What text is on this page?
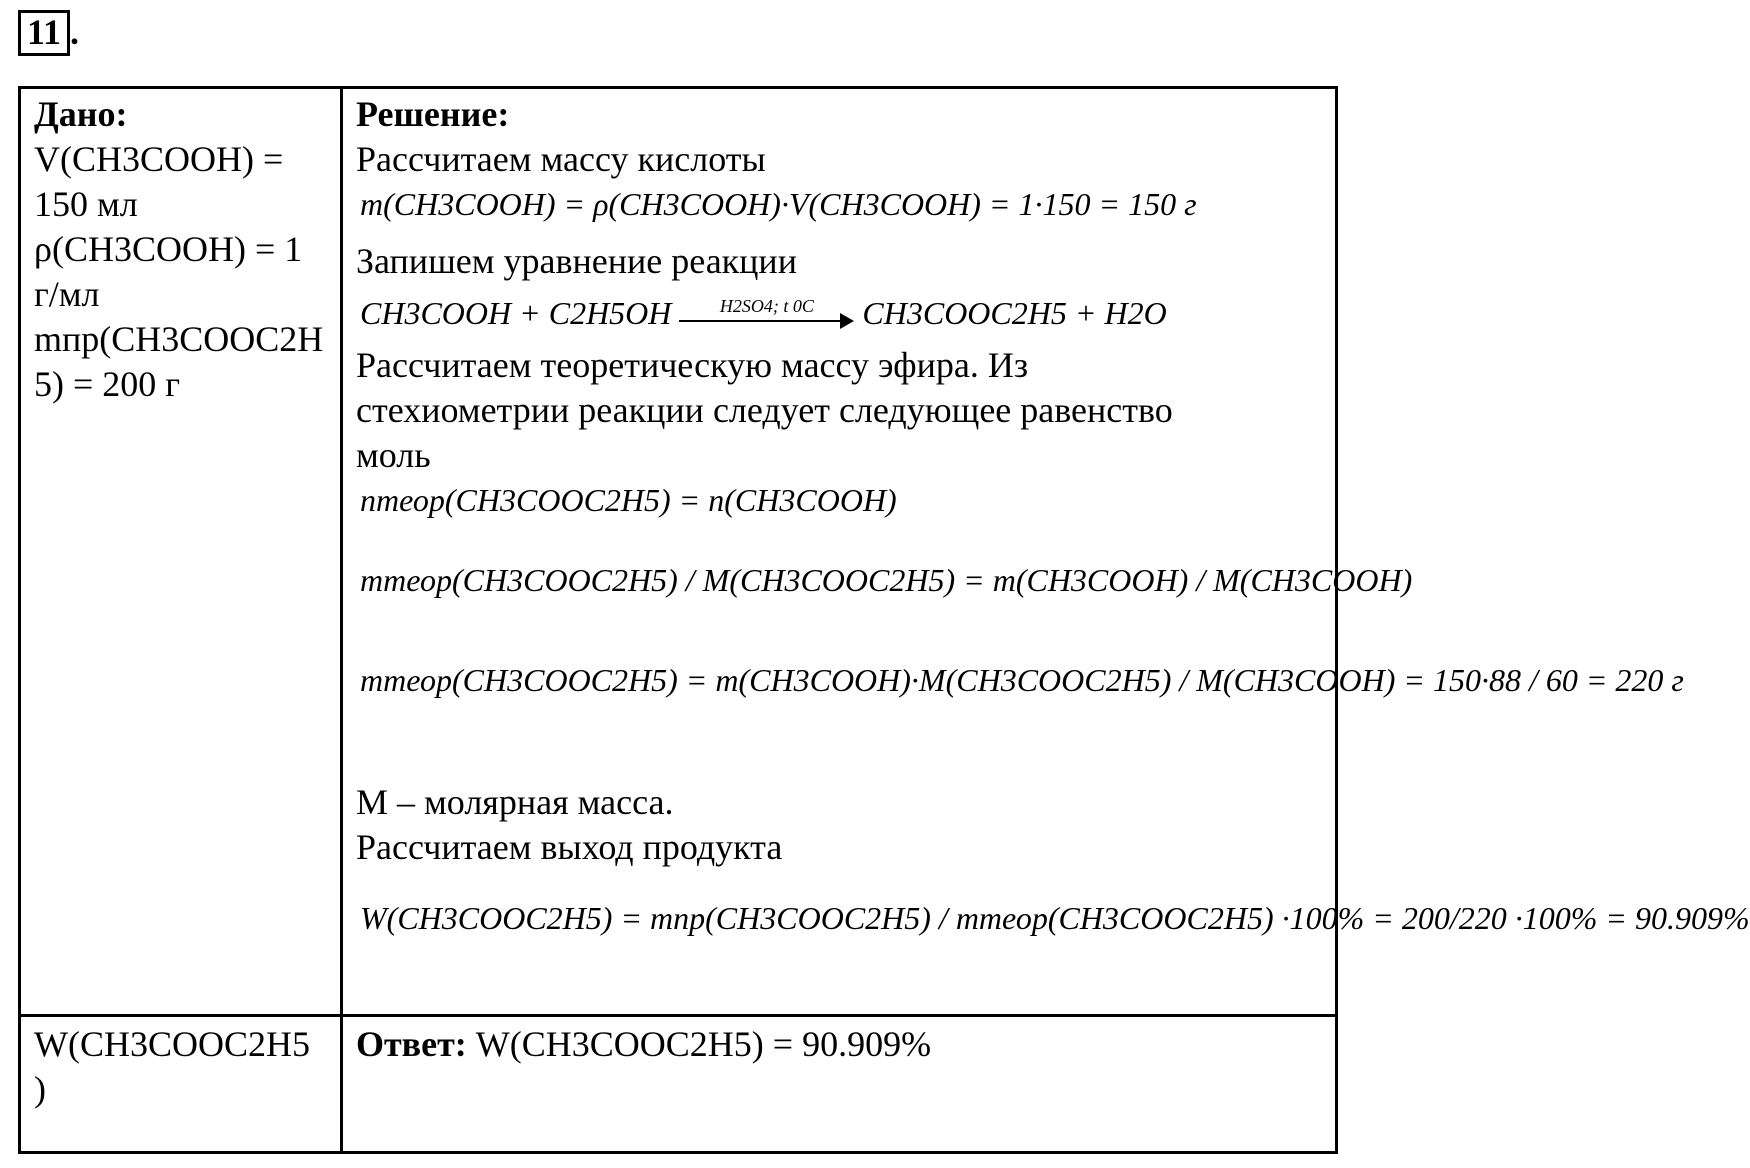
11 .
Дано:
V(CH3COOH) =
150 мл
ρ(CH3COOH) = 1
г/мл
mпр(CH3COOC2H
5) = 200 г
Решение:
Рассчитаем массу кислоты
m(CH3COOH) = ρ(CH3COOH)·V(CH3COOH) = 1·150 = 150 г
Запишем уравнение реакции
CH3COOH + C2H5OH	H2SO4; t 0C	CH3COOC2H5 + H2O
Рассчитаем теоретическую массу эфира. Из
стехиометрии реакции следует следующее равенство
моль
nтеор(CH3COOC2H5) = n(CH3COOH)
mтеор(CH3COOC2H5) / M(CH3COOC2H5) = m(CH3COOH) / M(CH3COOH)
mтеор(CH3COOC2H5) = m(CH3COOH)·M(CH3COOC2H5) / M(CH3COOH) = 150·88 / 60 = 220 г
M – молярная масса.
Рассчитаем выход продукта
W(CH3COOC2H5) = mпр(CH3COOC2H5) / mтеор(CH3COOC2H5) ·100% = 200/220 ·100% = 90.909%
W(CH3COOC2H5
)
Ответ: W(CH3COOC2H5) = 90.909%
